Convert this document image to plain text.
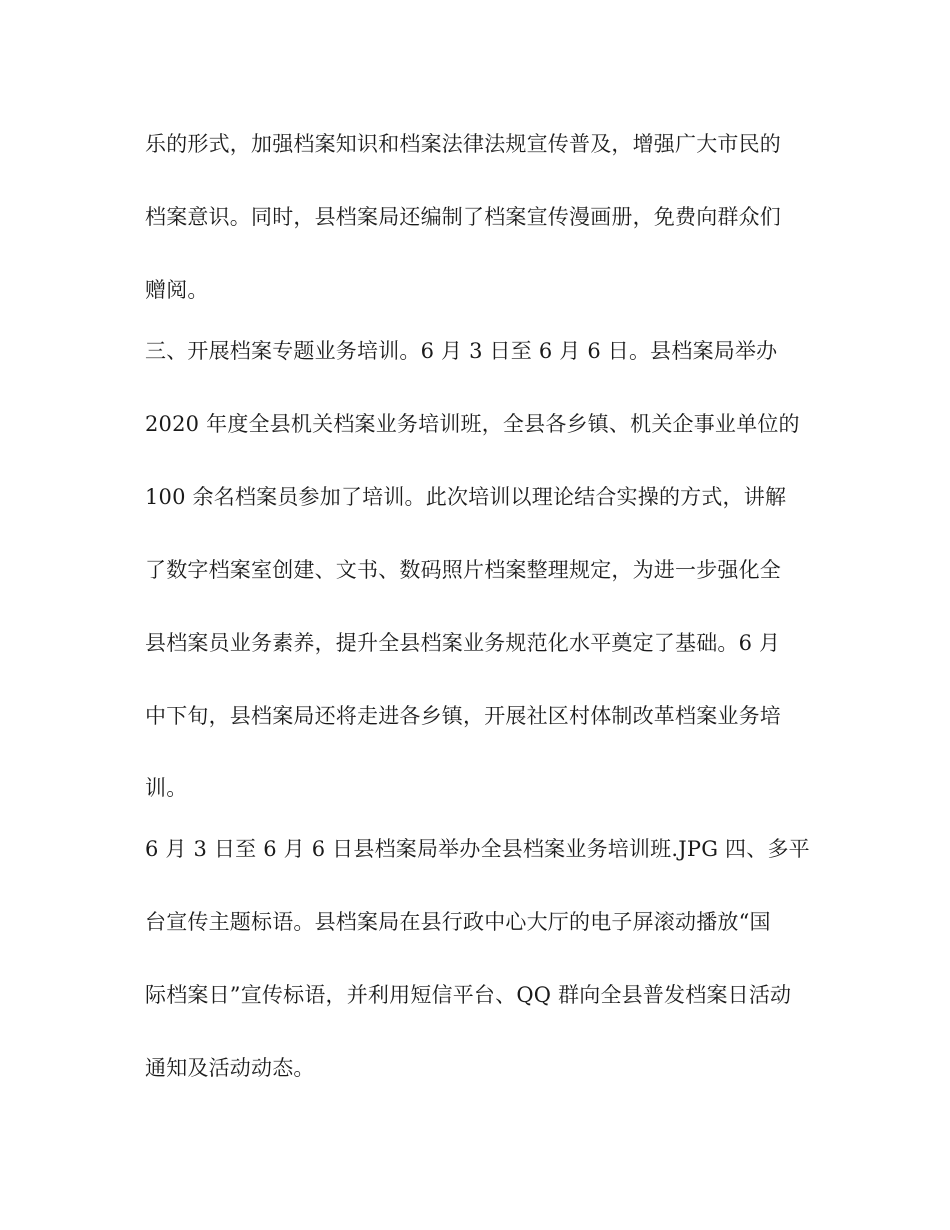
乐的形式，加强档案知识和档案法律法规宣传普及，增强广大市民的
档案意识。同时，县档案局还编制了档案宣传漫画册，免费向群众们
赠阅。
三、开展档案专题业务培训。6 月 3 日至 6 月 6 日。县档案局举办
2020 年度全县机关档案业务培训班，全县各乡镇、机关企事业单位的
100 余名档案员参加了培训。此次培训以理论结合实操的方式，讲解
了数字档案室创建、文书、数码照片档案整理规定，为进一步强化全
县档案员业务素养，提升全县档案业务规范化水平奠定了基础。6 月
中下旬，县档案局还将走进各乡镇，开展社区村体制改革档案业务培
训。
6 月 3 日至 6 月 6 日县档案局举办全县档案业务培训班.JPG 四、多平
台宣传主题标语。县档案局在县行政中心大厅的电子屏滚动播放“国
际档案日”宣传标语，并利用短信平台、QQ 群向全县普发档案日活动
通知及活动动态。
